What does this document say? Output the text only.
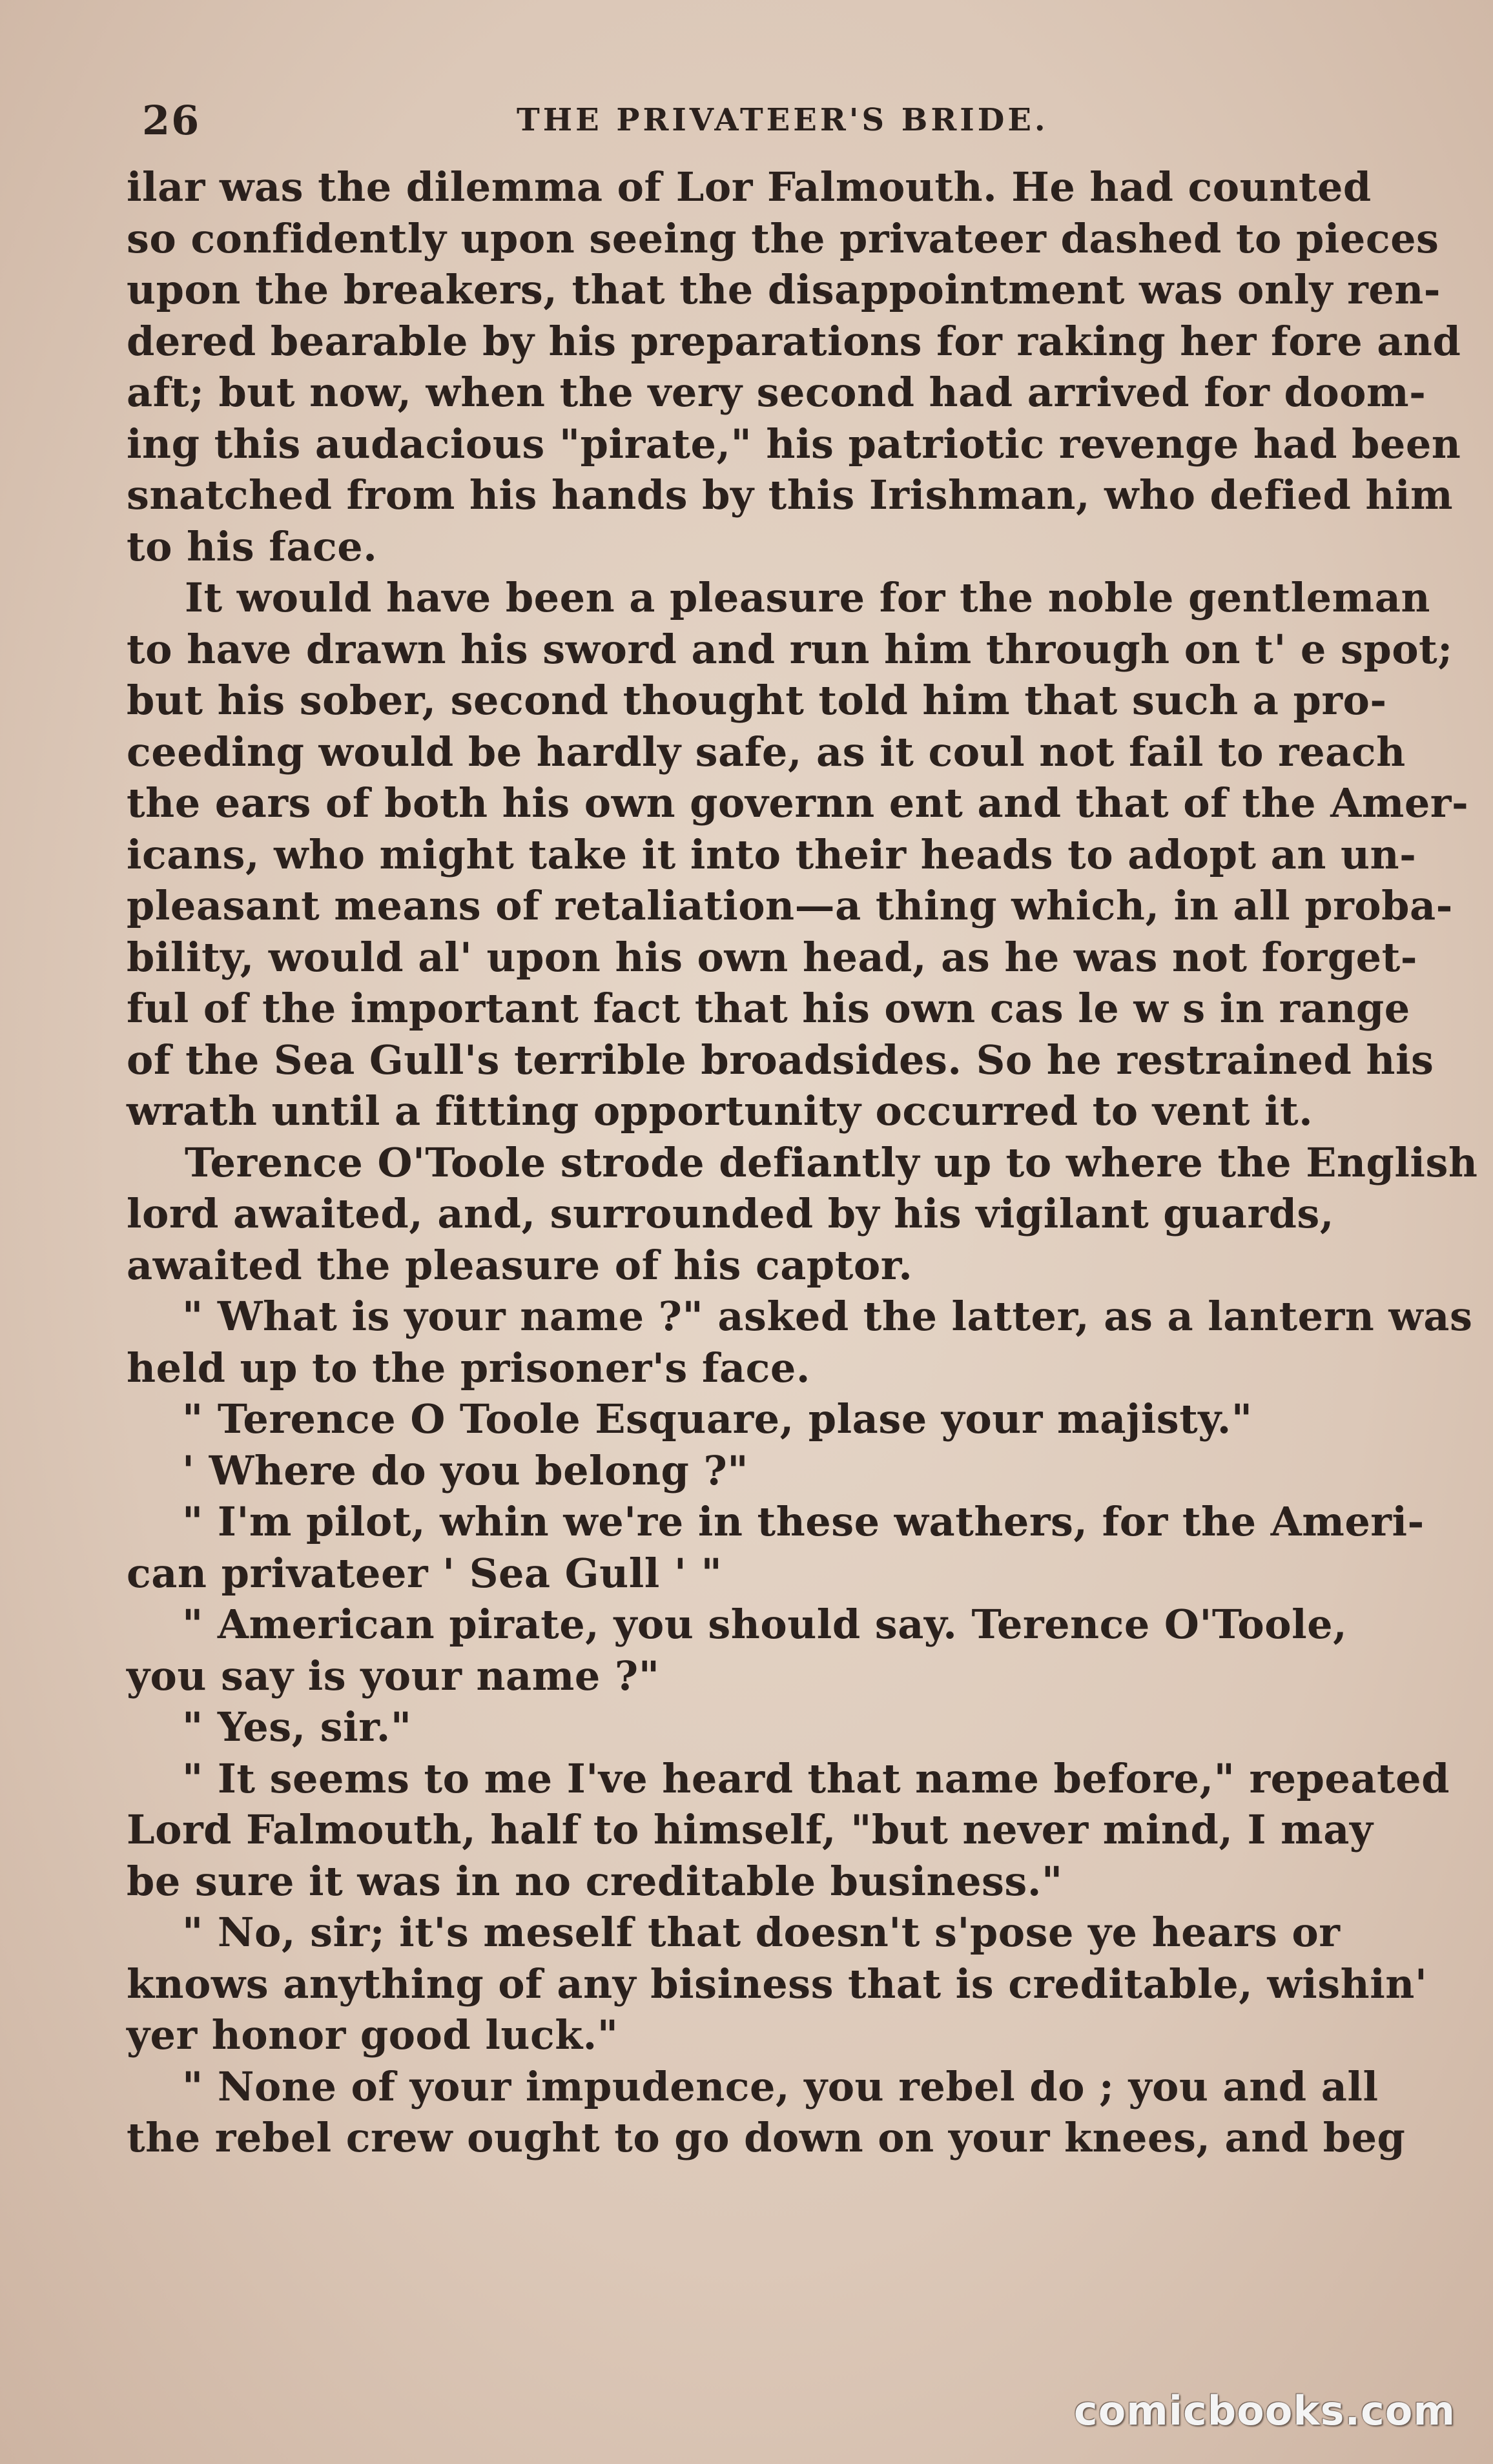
26	THE PRIVATEER'S BRIDE.
ilar was the dilemma of Lor Falmouth. He had counted
so confidently upon seeing the privateer dashed to pieces
upon the breakers, that the disappointment was only ren-
dered bearable by his preparations for raking her fore and
aft; but now, when the very second had arrived for doom-
ing this audacious "pirate," his patriotic revenge had been
snatched from his hands by this Irishman, who defied him
to his face.
It would have been a pleasure for the noble gentleman
to have drawn his sword and run him through on t' e spot;
but his sober, second thought told him that such a pro-
ceeding would be hardly safe, as it coul not fail to reach
the ears of both his own governn ent and that of the Amer-
icans, who might take it into their heads to adopt an un-
pleasant means of retaliation—a thing which, in all proba-
bility, would al' upon his own head, as he was not forget-
ful of the important fact that his own cas le w s in range
of the Sea Gull's terrible broadsides. So he restrained his
wrath until a fitting opportunity occurred to vent it.
Terence O'Toole strode defiantly up to where the English
lord awaited, and, surrounded by his vigilant guards,
awaited the pleasure of his captor.
" What is your name ?" asked the latter, as a lantern was
held up to the prisoner's face.
" Terence O Toole Esquare, plase your majisty."
' Where do you belong ?"
" I'm pilot, whin we're in these wathers, for the Ameri-
can privateer ' Sea Gull ' "
" American pirate, you should say. Terence O'Toole,
you say is your name ?"
" Yes, sir."
" It seems to me I've heard that name before," repeated
Lord Falmouth, half to himself, "but never mind, I may
be sure it was in no creditable business."
" No, sir; it's meself that doesn't s'pose ye hears or
knows anything of any bisiness that is creditable, wishin'
yer honor good luck."
" None of your impudence, you rebel do ; you and all
the rebel crew ought to go down on your knees, and beg
comicbooks.com
